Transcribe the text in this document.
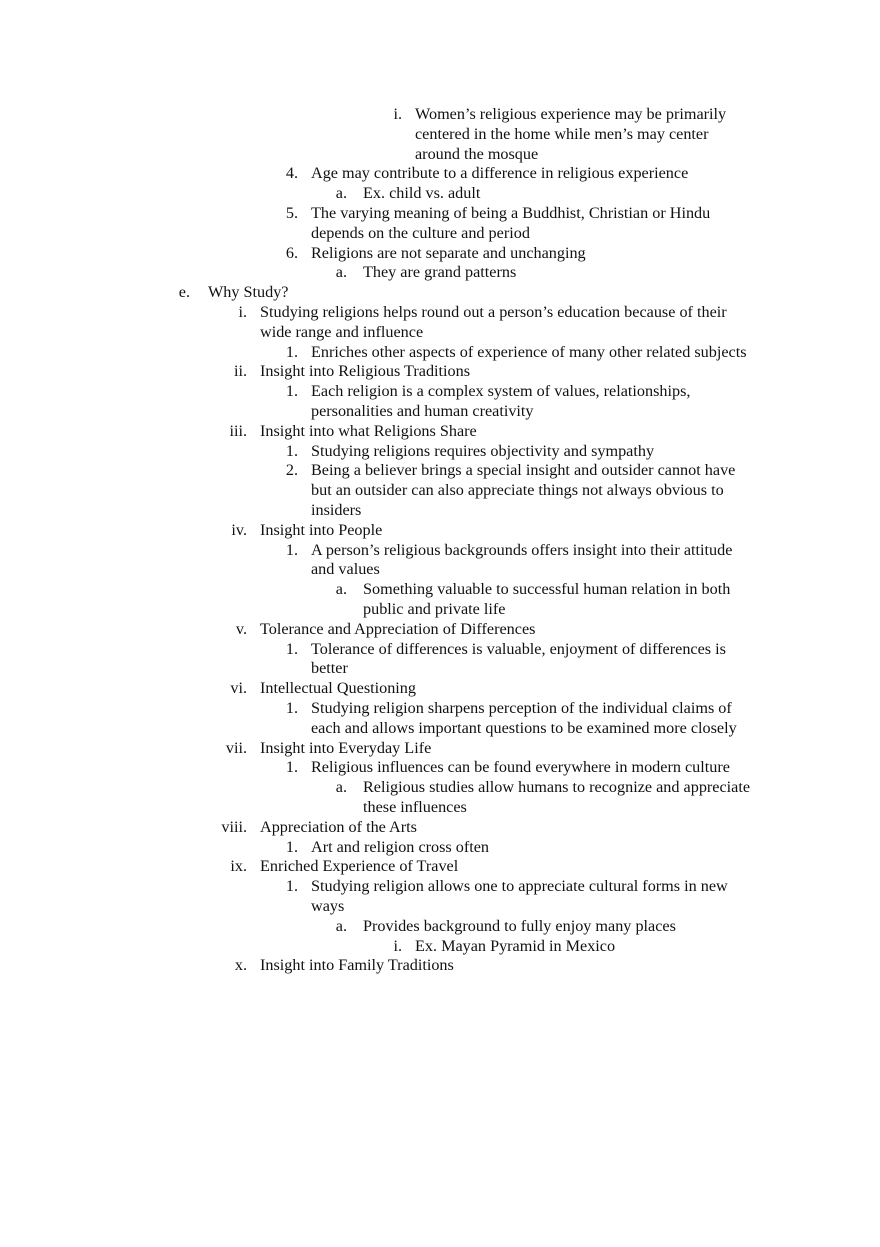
i. Women’s religious experience may be primarily
centered in the home while men’s may center
around the mosque
4. Age may contribute to a difference in religious experience
a. Ex. child vs. adult
5. The varying meaning of being a Buddhist, Christian or Hindu
depends on the culture and period
6. Religions are not separate and unchanging
a. They are grand patterns
e. Why Study?
i. Studying religions helps round out a person’s education because of their
wide range and influence
1. Enriches other aspects of experience of many other related subjects
ii. Insight into Religious Traditions
1. Each religion is a complex system of values, relationships,
personalities and human creativity
iii. Insight into what Religions Share
1. Studying religions requires objectivity and sympathy
2. Being a believer brings a special insight and outsider cannot have
but an outsider can also appreciate things not always obvious to
insiders
iv. Insight into People
1. A person’s religious backgrounds offers insight into their attitude
and values
a. Something valuable to successful human relation in both
public and private life
v. Tolerance and Appreciation of Differences
1. Tolerance of differences is valuable, enjoyment of differences is
better
vi. Intellectual Questioning
1. Studying religion sharpens perception of the individual claims of
each and allows important questions to be examined more closely
vii. Insight into Everyday Life
1. Religious influences can be found everywhere in modern culture
a. Religious studies allow humans to recognize and appreciate
these influences
viii. Appreciation of the Arts
1. Art and religion cross often
ix. Enriched Experience of Travel
1. Studying religion allows one to appreciate cultural forms in new
ways
a. Provides background to fully enjoy many places
i. Ex. Mayan Pyramid in Mexico
x. Insight into Family Traditions
